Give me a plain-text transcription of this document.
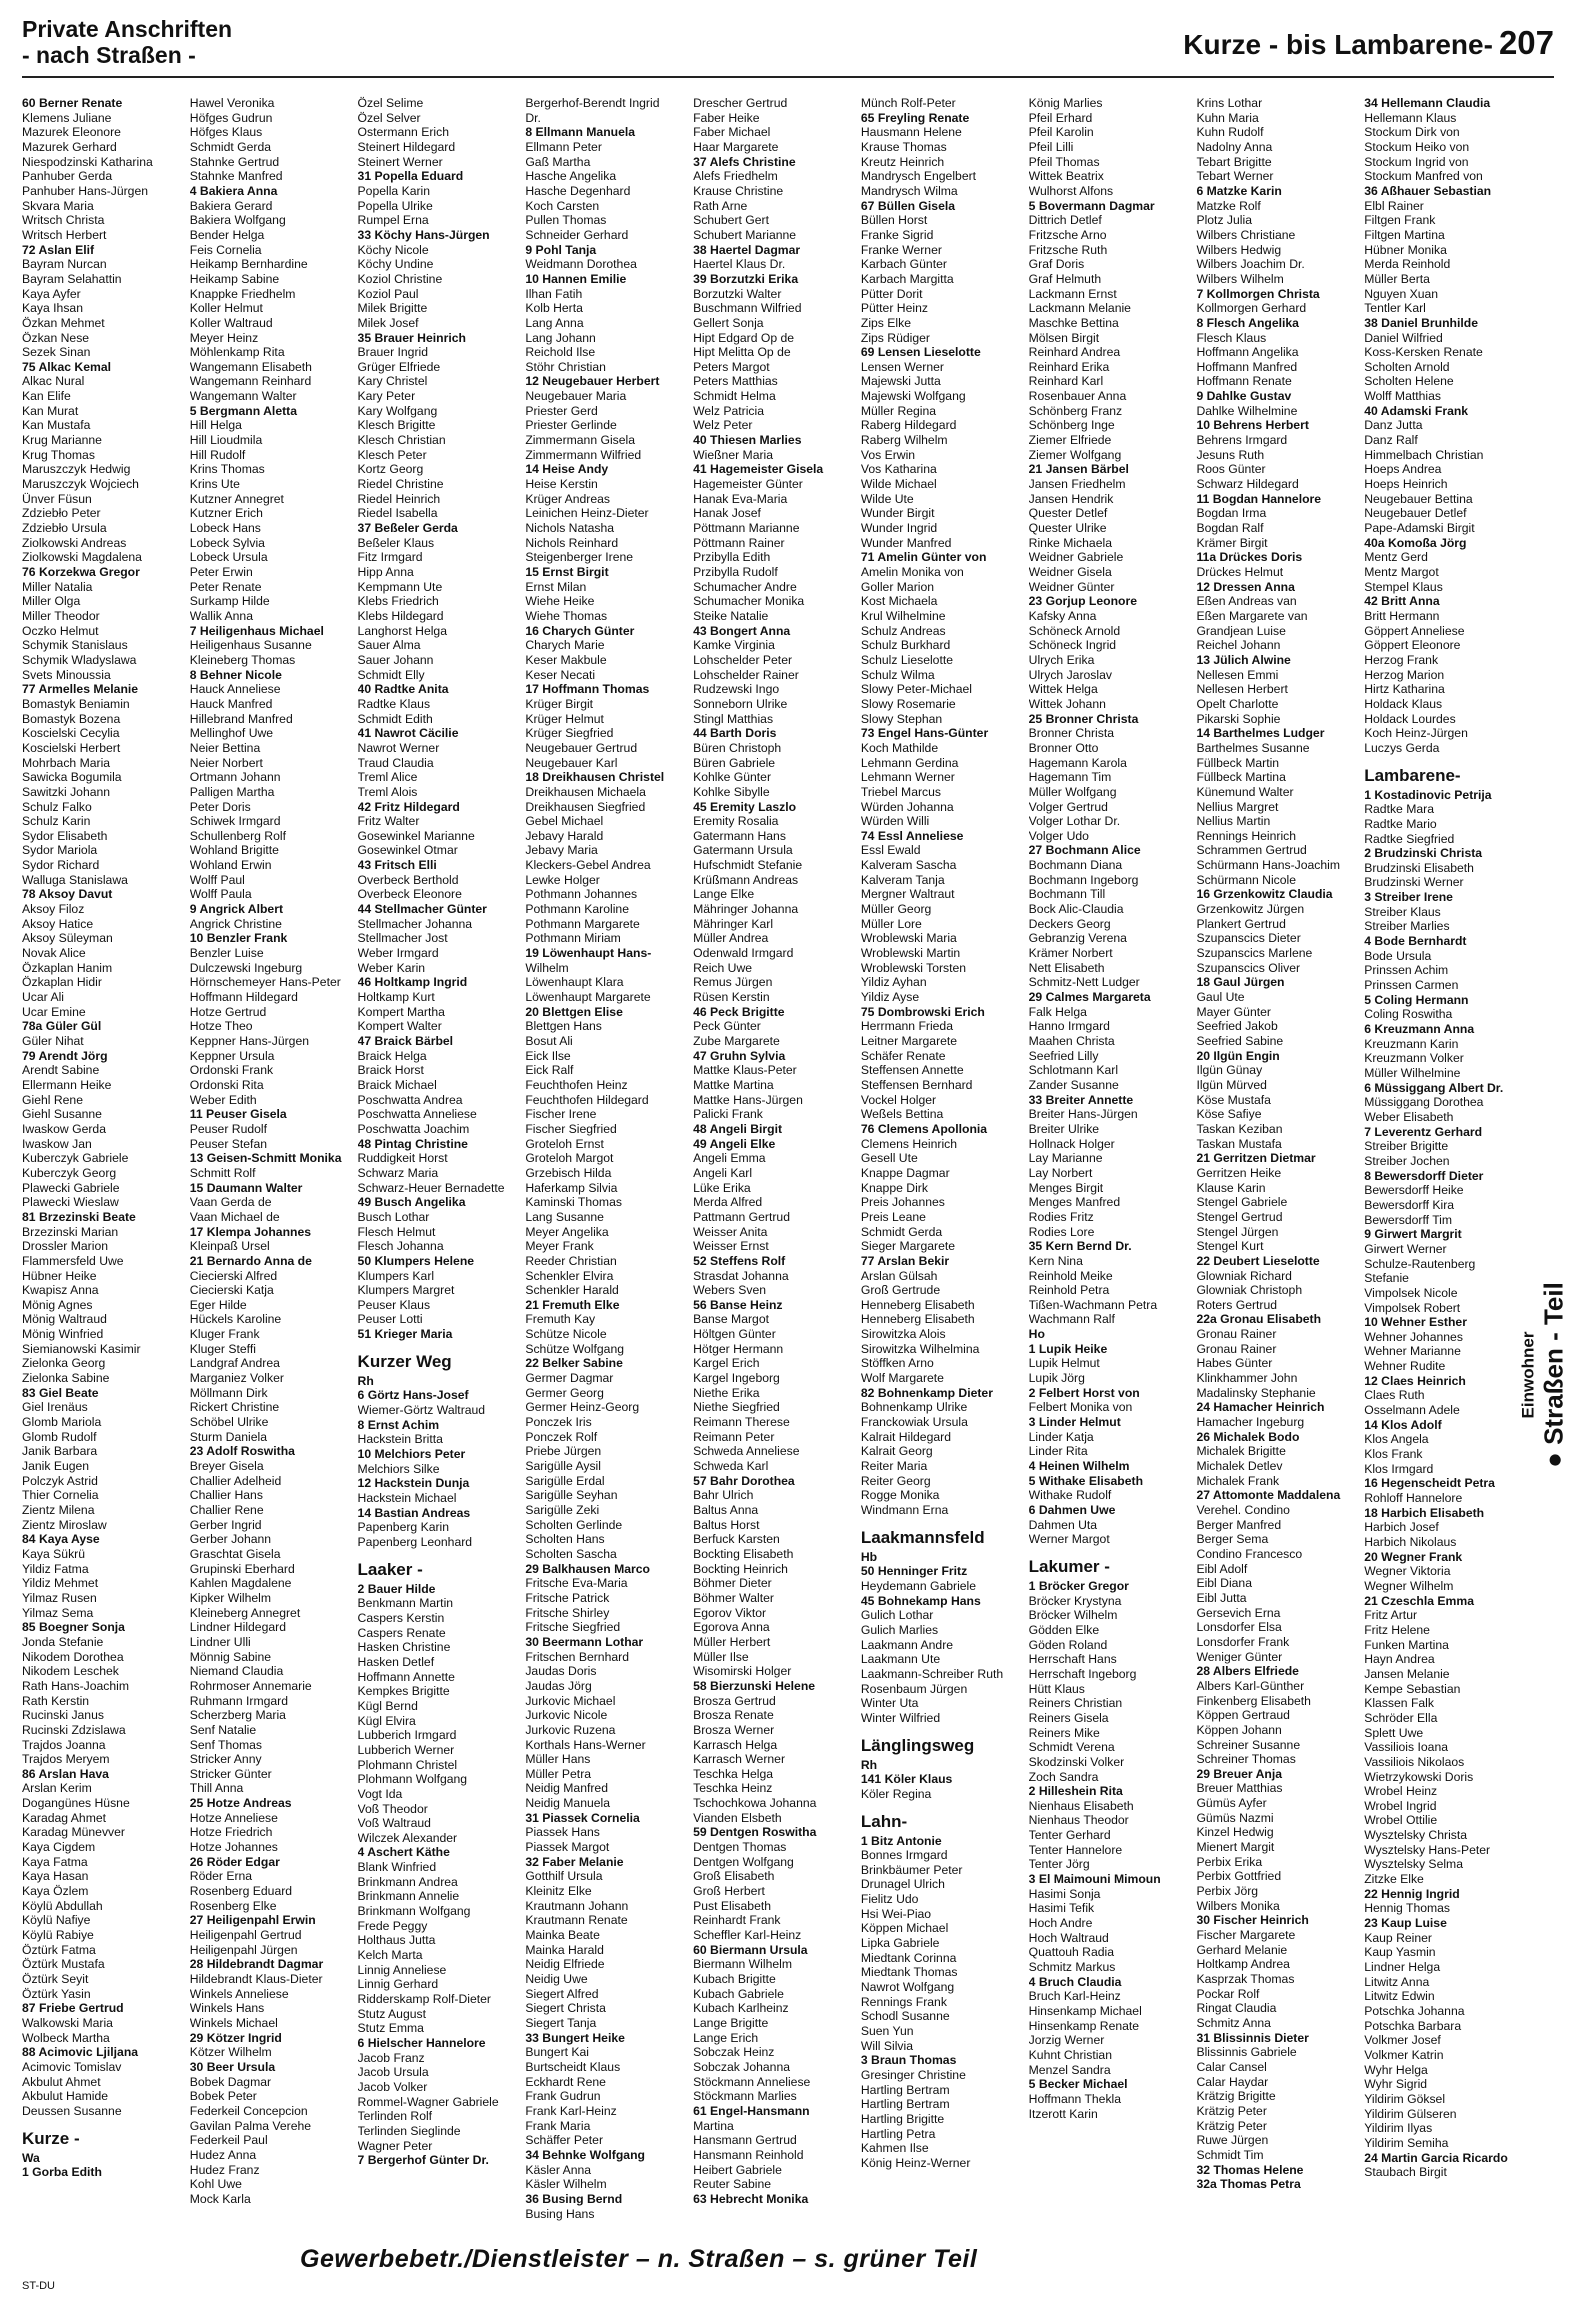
Private Anschriften
- nach Straßen -	Kurze - bis Lambarene- 207
60 Berner Renate
Klemens Juliane
Mazurek Eleonore
Mazurek Gerhard
Niespodzinski Katharina
Panhuber Gerda
Panhuber Hans-Jürgen
Skvara Maria
Writsch Christa
Writsch Herbert
72 Aslan Elif
Bayram Nurcan
Bayram Selahattin
Kaya Ayfer
Kaya Ihsan
Özkan Mehmet
Özkan Nese
Sezek Sinan
75 Alkac Kemal
Alkac Nural
Kan Elife
Kan Murat
Kan Mustafa
Krug Marianne
Krug Thomas
Maruszczyk Hedwig
Maruszczyk Wojciech
Ünver Füsun
Zdziebło Peter
Zdziebło Ursula
Ziolkowski Andreas
Ziolkowski Magdalena
76 Korzekwa Gregor
Miller Natalia
Miller Olga
Miller Theodor
Oczko Helmut
Schymik Stanislaus
Schymik Wladyslawa
Svets Minoussia
77 Armelles Melanie
Bomastyk Beniamin
Bomastyk Bozena
Koscielski Cecylia
Koscielski Herbert
Mohrbach Maria
Sawicka Bogumila
Sawitzki Johann
Schulz Falko
Schulz Karin
Sydor Elisabeth
Sydor Mariola
Sydor Richard
Walluga Stanislawa
78 Aksoy Davut
Aksoy Filoz
Aksoy Hatice
Aksoy Süleyman
Novak Alice
Özkaplan Hanim
Özkaplan Hidir
Ucar Ali
Ucar Emine
78a Güler Gül
Güler Nihat
79 Arendt Jörg
Arendt Sabine
Ellermann Heike
Giehl Rene
Giehl Susanne
Iwaskow Gerda
Iwaskow Jan
Kuberczyk Gabriele
Kuberczyk Georg
Plawecki Gabriele
Plawecki Wieslaw
81 Brzezinski Beate
Brzezinski Marian
Drossler Marion
Flammersfeld Uwe
Hübner Heike
Kwapisz Anna
Mönig Agnes
Mönig Waltraud
Mönig Winfried
Siemianowski Kasimir
Zielonka Georg
Zielonka Sabine
83 Giel Beate
Giel Irenäus
Glomb Mariola
Glomb Rudolf
Janik Barbara
Janik Eugen
Polczyk Astrid
Thier Cornelia
Zientz Milena
Zientz Miroslaw
84 Kaya Ayse
Kaya Sükrü
Yildiz Fatma
Yildiz Mehmet
Yilmaz Rusen
Yilmaz Sema
85 Boegner Sonja
Jonda Stefanie
Nikodem Dorothea
Nikodem Leschek
Rath Hans-Joachim
Rath Kerstin
Rucinski Janus
Rucinski Zdzislawa
Trajdos Joanna
Trajdos Meryem
86 Arslan Hava
Arslan Kerim
Dogangünes Hüsne
Karadag Ahmet
Karadag Münevver
Kaya Cigdem
Kaya Fatma
Kaya Hasan
Kaya Özlem
Köylü Abdullah
Köylü Nafiye
Köylü Rabiye
Öztürk Fatma
Öztürk Mustafa
Öztürk Seyit
Öztürk Yasin
87 Friebe Gertrud
Walkowski Maria
Wolbeck Martha
88 Acimovic Ljiljana
Acimovic Tomislav
Akbulut Ahmet
Akbulut Hamide
Deussen Susanne
Kurze -
Wa
1 Gorba Edith
Hawel Veronika
Höfges Gudrun
Höfges Klaus
Schmidt Gerda
Stahnke Gertrud
Stahnke Manfred
4 Bakiera Anna
Bakiera Gerard
Bakiera Wolfgang
Bender Helga
Feis Cornelia
Heikamp Bernhardine
Heikamp Sabine
Knappke Friedhelm
Koller Helmut
Koller Waltraud
Meyer Heinz
Möhlenkamp Rita
Wangemann Elisabeth
Wangemann Reinhard
Wangemann Walter
5 Bergmann Aletta
Hill Helga
Hill Lioudmila
Hill Rudolf
Krins Thomas
Krins Ute
Kutzner Annegret
Kutzner Erich
Lobeck Hans
Lobeck Sylvia
Lobeck Ursula
Peter Erwin
Peter Renate
Surkamp Hilde
Wallik Anna
7 Heiligenhaus Michael
Heiligenhaus Susanne
Kleineberg Thomas
8 Behner Nicole
Hauck Anneliese
Hauck Manfred
Hillebrand Manfred
Mellinghof Uwe
Neier Bettina
Neier Norbert
Ortmann Johann
Palligen Martha
Peter Doris
Schiwek Irmgard
Schullenberg Rolf
Wohland Brigitte
Wohland Erwin
Wolff Paul
Wolff Paula
9 Angrick Albert
Angrick Christine
10 Benzler Frank
Benzler Luise
Dulczewski Ingeburg
Hörnschemeyer Hans-Peter
Hoffmann Hildegard
Hotze Gertrud
Hotze Theo
Keppner Hans-Jürgen
Keppner Ursula
Ordonski Frank
Ordonski Rita
Weber Edith
11 Peuser Gisela
Peuser Rudolf
Peuser Stefan
13 Geisen-Schmitt Monika
Schmitt Rolf
15 Daumann Walter
Vaan Gerda de
Vaan Michael de
17 Klempa Johannes
Kleinpaß Ursel
21 Bernardo Anna de
Ciecierski Alfred
Ciecierski Katja
Eger Hilde
Hückels Karoline
Kluger Frank
Kluger Steffi
Landgraf Andrea
Marganiez Volker
Möllmann Dirk
Rickert Christine
Schöbel Ulrike
Sturm Daniela
23 Adolf Roswitha
Breyer Gisela
Challier Adelheid
Challier Hans
Challier Rene
Gerber Ingrid
Gerber Johann
Graschtat Gisela
Grupinski Eberhard
Kahlen Magdalene
Kipker Wilhelm
Kleineberg Annegret
Lindner Hildegard
Lindner Ulli
Mönnig Sabine
Niemand Claudia
Rohrmoser Annemarie
Ruhmann Irmgard
Scherzberg Maria
Senf Natalie
Senf Thomas
Stricker Anny
Stricker Günter
Thill Anna
25 Hotze Andreas
Hotze Anneliese
Hotze Friedrich
Hotze Johannes
26 Röder Edgar
Röder Erna
Rosenberg Eduard
Rosenberg Elke
27 Heiligenpahl Erwin
Heiligenpahl Gertrud
Heiligenpahl Jürgen
28 Hildebrandt Dagmar
Hildebrandt Klaus-Dieter
Winkels Anneliese
Winkels Hans
Winkels Michael
29 Kötzer Ingrid
Kötzer Wilhelm
30 Beer Ursula
Bobek Dagmar
Bobek Peter
Federkeil Concepcion
Gavilan Palma Verehe
Federkeil Paul
Hudez Anna
Hudez Franz
Kohl Uwe
Mock Karla
Özel Selime
Özel Selver
Ostermann Erich
Steinert Hildegard
Steinert Werner
31 Popella Eduard
Popella Karin
Popella Ulrike
Rumpel Erna
33 Köchy Hans-Jürgen
Köchy Nicole
Köchy Undine
Koziol Christine
Koziol Paul
Milek Brigitte
Milek Josef
35 Brauer Heinrich
Brauer Ingrid
Grüger Elfriede
Kary Christel
Kary Peter
Kary Wolfgang
Klesch Brigitte
Klesch Christian
Klesch Peter
Kortz Georg
Riedel Christine
Riedel Heinrich
Riedel Isabella
37 Beßeler Gerda
Beßeler Klaus
Fitz Irmgard
Hipp Anna
Kempmann Ute
Klebs Friedrich
Klebs Hildegard
Langhorst Helga
Sauer Alma
Sauer Johann
Schmidt Elly
40 Radtke Anita
Radtke Klaus
Schmidt Edith
41 Nawrot Cäcilie
Nawrot Werner
Traud Claudia
Treml Alice
Treml Alois
42 Fritz Hildegard
Fritz Walter
Gosewinkel Marianne
Gosewinkel Otmar
43 Fritsch Elli
Overbeck Berthold
Overbeck Eleonore
44 Stellmacher Günter
Stellmacher Johanna
Stellmacher Jost
Weber Irmgard
Weber Karin
46 Holtkamp Ingrid
Holtkamp Kurt
Kompert Martha
Kompert Walter
47 Braick Bärbel
Braick Helga
Braick Horst
Braick Michael
Poschwatta Andrea
Poschwatta Anneliese
Poschwatta Joachim
48 Pintag Christine
Ruddigkeit Horst
Schwarz Maria
Schwarz-Heuer Bernadette
49 Busch Angelika
Busch Lothar
Flesch Helmut
Flesch Johanna
50 Klumpers Helene
Klumpers Karl
Klumpers Margret
Peuser Klaus
Peuser Lotti
51 Krieger Maria
Kurzer Weg
Rh
6 Görtz Hans-Josef
Wiemer-Görtz Waltraud
8 Ernst Achim
Hackstein Britta
10 Melchiors Peter
Melchiors Silke
12 Hackstein Dunja
Hackstein Michael
14 Bastian Andreas
Papenberg Karin
Papenberg Leonhard
Laaker -
2 Bauer Hilde
Benkmann Martin
Caspers Kerstin
Caspers Renate
Hasken Christine
Hasken Detlef
Hoffmann Annette
Kempkes Brigitte
Kügl Bernd
Kügl Elvira
Lubberich Irmgard
Lubberich Werner
Plohmann Christel
Plohmann Wolfgang
Vogt Ida
Voß Theodor
Voß Waltraud
Wilczek Alexander
4 Aschert Käthe
Blank Winfried
Brinkmann Andrea
Brinkmann Annelie
Brinkmann Wolfgang
Frede Peggy
Holthaus Jutta
Kelch Marta
Linnig Anneliese
Linnig Gerhard
Ridderskamp Rolf-Dieter
Stutz August
Stutz Emma
6 Hielscher Hannelore
Jacob Franz
Jacob Ursula
Jacob Volker
Rommel-Wagner Gabriele
Terlinden Rolf
Terlinden Sieglinde
Wagner Peter
7 Bergerhof Günter Dr.
Bergerhof-Berendt Ingrid
Dr.
8 Ellmann Manuela
Ellmann Peter
Gaß Martha
Hasche Angelika
Hasche Degenhard
Koch Carsten
Pullen Thomas
Schneider Gerhard
9 Pohl Tanja
Weidmann Dorothea
10 Hannen Emilie
Ilhan Fatih
Kolb Herta
Lang Anna
Lang Johann
Reichold Ilse
Stöhr Christian
12 Neugebauer Herbert
Neugebauer Maria
Priester Gerd
Priester Gerlinde
Zimmermann Gisela
Zimmermann Wilfried
14 Heise Andy
Heise Kerstin
Krüger Andreas
Leinichen Heinz-Dieter
Nichols Natasha
Nichols Reinhard
Steigenberger Irene
15 Ernst Birgit
Ernst Milan
Wiehe Heike
Wiehe Thomas
16 Charych Günter
Charych Marie
Keser Makbule
Keser Necati
17 Hoffmann Thomas
Krüger Birgit
Krüger Helmut
Krüger Siegfried
Neugebauer Gertrud
Neugebauer Karl
18 Dreikhausen Christel
Dreikhausen Michaela
Dreikhausen Siegfried
Gebel Michael
Jebavy Harald
Jebavy Maria
Kleckers-Gebel Andrea
Lewke Holger
Pothmann Johannes
Pothmann Karoline
Pothmann Margarete
Pothmann Miriam
19 Löwenhaupt Hans-
Wilhelm
Löwenhaupt Klara
Löwenhaupt Margarete
20 Blettgen Elise
Blettgen Hans
Bosut Ali
Eick Ilse
Eick Ralf
Feuchthofen Heinz
Feuchthofen Hildegard
Fischer Irene
Fischer Siegfried
Groteloh Ernst
Groteloh Margot
Grzebisch Hilda
Haferkamp Silvia
Kaminski Thomas
Lang Susanne
Meyer Angelika
Meyer Frank
Reeder Christian
Schenkler Elvira
Schenkler Harald
21 Fremuth Elke
Fremuth Kay
Schütze Nicole
Schütze Wolfgang
22 Belker Sabine
Germer Dagmar
Germer Georg
Germer Heinz-Georg
Ponczek Iris
Ponczek Rolf
Priebe Jürgen
Sarigülle Aysil
Sarigülle Erdal
Sarigülle Seyhan
Sarigülle Zeki
Scholten Gerlinde
Scholten Hans
Scholten Sascha
29 Balkhausen Marco
Fritsche Eva-Maria
Fritsche Patrick
Fritsche Shirley
Fritsche Siegfried
30 Beermann Lothar
Fritschen Bernhard
Jaudas Doris
Jaudas Jörg
Jurkovic Michael
Jurkovic Nicole
Jurkovic Ruzena
Korthals Hans-Werner
Müller Hans
Müller Petra
Neidig Manfred
Neidig Manuela
31 Piassek Cornelia
Piassek Hans
Piassek Margot
32 Faber Melanie
Gotthilf Ursula
Kleinitz Elke
Krautmann Johann
Krautmann Renate
Mainka Beate
Mainka Harald
Neidig Elfriede
Neidig Uwe
Siegert Alfred
Siegert Christa
Siegert Tanja
33 Bungert Heike
Bungert Kai
Burtscheidt Klaus
Eckhardt Rene
Frank Gudrun
Frank Karl-Heinz
Frank Maria
Schäffer Peter
34 Behnke Wolfgang
Käsler Anna
Käsler Wilhelm
36 Busing Bernd
Busing Hans
Drescher Gertrud
Faber Heike
Faber Michael
Haar Margarete
37 Alefs Christine
Alefs Friedhelm
Krause Christine
Rath Arne
Schubert Gert
Schubert Marianne
38 Haertel Dagmar
Haertel Klaus Dr.
39 Borzutzki Erika
Borzutzki Walter
Buschmann Wilfried
Gellert Sonja
Hipt Edgard Op de
Hipt Melitta Op de
Peters Margot
Peters Matthias
Schmidt Helma
Welz Patricia
Welz Peter
40 Thiesen Marlies
Wießner Maria
41 Hagemeister Gisela
Hagemeister Günter
Hanak Eva-Maria
Hanak Josef
Pöttmann Marianne
Pöttmann Rainer
Przibylla Edith
Przibylla Rudolf
Schumacher Andre
Schumacher Monika
Steike Natalie
43 Bongert Anna
Kamke Virginia
Lohschelder Peter
Lohschelder Rainer
Rudzewski Ingo
Sonneborn Ulrike
Stingl Matthias
44 Barth Doris
Büren Christoph
Büren Gabriele
Kohlke Günter
Kohlke Sibylle
45 Eremity Laszlo
Eremity Rosalia
Gatermann Hans
Gatermann Ursula
Hufschmidt Stefanie
Krüßmann Andreas
Lange Elke
Mähringer Johanna
Mähringer Karl
Müller Andrea
Odenwald Irmgard
Reich Uwe
Remus Jürgen
Rüsen Kerstin
46 Peck Brigitte
Peck Günter
Zube Margarete
47 Gruhn Sylvia
Mattke Klaus-Peter
Mattke Martina
Mattke Hans-Jürgen
Palicki Frank
48 Angeli Birgit
49 Angeli Elke
Angeli Emma
Angeli Karl
Lüke Erika
Merda Alfred
Pattmann Gertrud
Weisser Anita
Weisser Ernst
52 Steffens Rolf
Strasdat Johanna
Webers Sven
56 Banse Heinz
Banse Margot
Höltgen Günter
Hötger Hermann
Kargel Erich
Kargel Ingeborg
Niethe Erika
Niethe Siegfried
Reimann Therese
Reimann Peter
Schweda Anneliese
Schweda Karl
57 Bahr Dorothea
Bahr Ulrich
Baltus Anna
Baltus Horst
Berfuck Karsten
Bockting Elisabeth
Bockting Heinrich
Böhmer Dieter
Böhmer Walter
Egorov Viktor
Egorova Anna
Müller Herbert
Müller Ilse
Wisomirski Holger
58 Bierzunski Helene
Brosza Gertrud
Brosza Renate
Brosza Werner
Karrasch Helga
Karrasch Werner
Teschka Helga
Teschka Heinz
Tschochkowa Johanna
Vianden Elsbeth
59 Dentgen Roswitha
Dentgen Thomas
Dentgen Wolfgang
Groß Elisabeth
Groß Herbert
Pust Elisabeth
Reinhardt Frank
Scheffler Karl-Heinz
60 Biermann Ursula
Biermann Wilhelm
Kubach Brigitte
Kubach Gabriele
Kubach Karlheinz
Lange Brigitte
Lange Erich
Sobczak Heinz
Sobczak Johanna
Stöckmann Anneliese
Stöckmann Marlies
61 Engel-Hansmann
Martina
Hansmann Gertrud
Hansmann Reinhold
Heibert Gabriele
Reuter Sabine
63 Hebrecht Monika
Münch Rolf-Peter
65 Freyling Renate
Hausmann Helene
Krause Thomas
Kreutz Heinrich
Mandrysch Engelbert
Mandrysch Wilma
67 Büllen Gisela
Büllen Horst
Franke Sigrid
Franke Werner
Karbach Günter
Karbach Margitta
Pütter Dorit
Pütter Heinz
Zips Elke
Zips Rüdiger
69 Lensen Lieselotte
Lensen Werner
Majewski Jutta
Majewski Wolfgang
Müller Regina
Raberg Hildegard
Raberg Wilhelm
Vos Erwin
Vos Katharina
Wilde Michael
Wilde Ute
Wunder Birgit
Wunder Ingrid
Wunder Manfred
71 Amelin Günter von
Amelin Monika von
Goller Marion
Kost Michaela
Krul Wilhelmine
Schulz Andreas
Schulz Burkhard
Schulz Lieselotte
Schulz Wilma
Slowy Peter-Michael
Slowy Rosemarie
Slowy Stephan
73 Engel Hans-Günter
Koch Mathilde
Lehmann Gerdina
Lehmann Werner
Triebel Marcus
Würden Johanna
Würden Willi
74 Essl Anneliese
Essl Ewald
Kalveram Sascha
Kalveram Tanja
Mergner Waltraut
Müller Georg
Müller Lore
Wroblewski Maria
Wroblewski Martin
Wroblewski Torsten
Yildiz Ayhan
Yildiz Ayse
75 Dombrowski Erich
Herrmann Frieda
Leitner Margarete
Schäfer Renate
Steffensen Annette
Steffensen Bernhard
Vockel Holger
Weßels Bettina
76 Clemens Apollonia
Clemens Heinrich
Gesell Ute
Knappe Dagmar
Knappe Dirk
Preis Johannes
Preis Leane
Schmidt Gerda
Sieger Margarete
77 Arslan Bekir
Arslan Gülsah
Groß Gertrude
Henneberg Elisabeth
Henneberg Elisabeth
Sirowitzka Alois
Sirowitzka Wilhelmina
Stöffken Arno
Wolf Margarete
82 Bohnenkamp Dieter
Bohnenkamp Ulrike
Franckowiak Ursula
Kalrait Hildegard
Kalrait Georg
Reiter Maria
Reiter Georg
Rogge Monika
Windmann Erna
Laakmannsfeld
Hb
50 Henninger Fritz
Heydemann Gabriele
45 Bohnekamp Hans
Gulich Lothar
Gulich Marlies
Laakmann Andre
Laakmann Ute
Laakmann-Schreiber Ruth
Rosenbaum Jürgen
Winter Uta
Winter Wilfried
Länglingsweg
Rh
141 Köler Klaus
Köler Regina
Lahn-
1 Bitz Antonie
Bonnes Irmgard
Brinkbäumer Peter
Drunagel Ulrich
Fielitz Udo
Hsi Wei-Piao
Köppen Michael
Lipka Gabriele
Miedtank Corinna
Miedtank Thomas
Nawrot Wolfgang
Rennings Frank
Schodl Susanne
Suen Yun
Will Silvia
3 Braun Thomas
Gresinger Christine
Hartling Bertram
Hartling Bertram
Hartling Brigitte
Hartling Petra
Kahmen Ilse
König Heinz-Werner
König Marlies
Pfeil Erhard
Pfeil Karolin
Pfeil Lilli
Pfeil Thomas
Wittek Beatrix
Wulhorst Alfons
5 Bovermann Dagmar
Dittrich Detlef
Fritzsche Arno
Fritzsche Ruth
Graf Doris
Graf Helmuth
Lackmann Ernst
Lackmann Melanie
Maschke Bettina
Mölsen Birgit
Reinhard Andrea
Reinhard Erika
Reinhard Karl
Rosenbauer Anna
Schönberg Franz
Schönberg Inge
Ziemer Elfriede
Ziemer Wolfgang
21 Jansen Bärbel
Jansen Friedhelm
Jansen Hendrik
Quester Detlef
Quester Ulrike
Rinke Michaela
Weidner Gabriele
Weidner Gisela
Weidner Günter
23 Gorjup Leonore
Kafsky Anna
Schöneck Arnold
Schöneck Ingrid
Ulrych Erika
Ulrych Jaroslav
Wittek Helga
Wittek Johann
25 Bronner Christa
Bronner Christa
Bronner Otto
Hagemann Karola
Hagemann Tim
Müller Wolfgang
Volger Gertrud
Volger Lothar Dr.
Volger Udo
27 Bochmann Alice
Bochmann Diana
Bochmann Ingeborg
Bochmann Till
Bock Alic-Claudia
Deckers Georg
Gebranzig Verena
Krämer Norbert
Nett Elisabeth
Schmitz-Nett Ludger
29 Calmes Margareta
Falk Helga
Hanno Irmgard
Maahen Christa
Seefried Lilly
Schlotmann Karl
Zander Susanne
33 Breiter Annette
Breiter Hans-Jürgen
Breiter Ulrike
Hollnack Holger
Lay Marianne
Lay Norbert
Menges Birgit
Menges Manfred
Rodies Fritz
Rodies Lore
35 Kern Bernd Dr.
Kern Nina
Reinhold Meike
Reinhold Petra
Tißen-Wachmann Petra
Wachmann Ralf
Ho
1 Lupik Heike
Lupik Helmut
Lupik Jörg
2 Felbert Horst von
Felbert Monika von
3 Linder Helmut
Linder Katja
Linder Rita
4 Heinen Wilhelm
5 Withake Elisabeth
Withake Rudolf
6 Dahmen Uwe
Dahmen Uta
Werner Margot
Lakumer -
1 Bröcker Gregor
Bröcker Krystyna
Bröcker Wilhelm
Gödden Elke
Göden Roland
Herrschaft Hans
Herrschaft Ingeborg
Hütt Klaus
Reiners Christian
Reiners Gisela
Reiners Mike
Schmidt Verena
Skodzinski Volker
Zoch Sandra
2 Hilleshein Rita
Nienhaus Elisabeth
Nienhaus Theodor
Tenter Gerhard
Tenter Hannelore
Tenter Jörg
3 El Maimouni Mimoun
Hasimi Sonja
Hasimi Tefik
Hoch Andre
Hoch Waltraud
Quattouh Radia
Schmitz Markus
4 Bruch Claudia
Bruch Karl-Heinz
Hinsenkamp Michael
Hinsenkamp Renate
Jorzig Werner
Kuhnt Christian
Menzel Sandra
5 Becker Michael
Hoffmann Thekla
Itzerott Karin
Krins Lothar
Kuhn Maria
Kuhn Rudolf
Nadolny Anna
Tebart Brigitte
Tebart Werner
6 Matzke Karin
Matzke Rolf
Plotz Julia
Wilbers Christiane
Wilbers Hedwig
Wilbers Joachim Dr.
Wilbers Wilhelm
7 Kollmorgen Christa
Kollmorgen Gerhard
8 Flesch Angelika
Flesch Klaus
Hoffmann Angelika
Hoffmann Manfred
Hoffmann Renate
9 Dahlke Gustav
Dahlke Wilhelmine
10 Behrens Herbert
Behrens Irmgard
Jesuns Ruth
Roos Günter
Schwarz Hildegard
11 Bogdan Hannelore
Bogdan Irma
Bogdan Ralf
Krämer Birgit
11a Drückes Doris
Drückes Helmut
12 Dressen Anna
Eßen Andreas van
Eßen Margarete van
Grandjean Luise
Reichel Johann
13 Jülich Alwine
Nellesen Emmi
Nellesen Herbert
Opelt Charlotte
Pikarski Sophie
14 Barthelmes Ludger
Barthelmes Susanne
Füllbeck Martin
Füllbeck Martina
Künemund Walter
Nellius Margret
Nellius Martin
Rennings Heinrich
Schrammen Gertrud
Schürmann Hans-Joachim
Schürmann Nicole
16 Grzenkowitz Claudia
Grzenkowitz Jürgen
Plankert Gertrud
Szupanscics Dieter
Szupanscics Marlene
Szupanscics Oliver
18 Gaul Jürgen
Gaul Ute
Mayer Günter
Seefried Jakob
Seefried Sabine
20 Ilgün Engin
Ilgün Günay
Ilgün Mürved
Köse Mustafa
Köse Safiye
Taskan Keziban
Taskan Mustafa
21 Gerritzen Dietmar
Gerritzen Heike
Klause Karin
Stengel Gabriele
Stengel Gertrud
Stengel Jürgen
Stengel Kurt
22 Deubert Lieselotte
Glowniak Richard
Glowniak Christoph
Roters Gertrud
22a Gronau Elisabeth
Gronau Rainer
Gronau Rainer
Habes Günter
Klinkhammer John
Madalinsky Stephanie
24 Hamacher Heinrich
Hamacher Ingeburg
26 Michalek Bodo
Michalek Brigitte
Michalek Detlev
Michalek Frank
27 Attomonte Maddalena
Verehel. Condino
Berger Manfred
Berger Sema
Condino Francesco
Eibl Adolf
Eibl Diana
Eibl Jutta
Gersevich Erna
Lonsdorfer Elsa
Lonsdorfer Frank
Weniger Günter
28 Albers Elfriede
Albers Karl-Günther
Finkenberg Elisabeth
Köppen Gertraud
Köppen Johann
Schreiner Susanne
Schreiner Thomas
29 Breuer Anja
Breuer Matthias
Gümüs Ayfer
Gümüs Nazmi
Kinzel Hedwig
Mienert Margit
Perbix Erika
Perbix Gottfried
Perbix Jörg
Wilbers Monika
30 Fischer Heinrich
Fischer Margarete
Gerhard Melanie
Holtkamp Andrea
Kasprzak Thomas
Pockar Rolf
Ringat Claudia
Schmitz Anna
31 Blissinnis Dieter
Blissinnis Gabriele
Calar Cansel
Calar Haydar
Krätzig Brigitte
Krätzig Peter
Krätzig Peter
Ruwe Jürgen
Schmidt Tim
32 Thomas Helene
32a Thomas Petra
34 Hellemann Claudia
Hellemann Klaus
Stockum Dirk von
Stockum Heiko von
Stockum Ingrid von
Stockum Manfred von
36 Aßhauer Sebastian
Elbl Rainer
Filtgen Frank
Filtgen Martina
Hübner Monika
Merda Reinhold
Müller Berta
Nguyen Xuan
Tentler Karl
38 Daniel Brunhilde
Daniel Wilfried
Koss-Kersken Renate
Scholten Arnold
Scholten Helene
Wolff Matthias
40 Adamski Frank
Danz Jutta
Danz Ralf
Himmelbach Christian
Hoeps Andrea
Hoeps Heinrich
Neugebauer Bettina
Neugebauer Detlef
Pape-Adamski Birgit
40a Komoßa Jörg
Mentz Gerd
Mentz Margot
Stempel Klaus
42 Britt Anna
Britt Hermann
Göppert Anneliese
Göppert Eleonore
Herzog Frank
Herzog Marion
Hirtz Katharina
Holdack Klaus
Holdack Lourdes
Koch Heinz-Jürgen
Luczys Gerda
Lambarene-
1 Kostadinovic Petrija
Radtke Mara
Radtke Mario
Radtke Siegfried
2 Brudzinski Christa
Brudzinski Elisabeth
Brudzinski Werner
3 Streiber Irene
Streiber Klaus
Streiber Marlies
4 Bode Bernhardt
Bode Ursula
Prinssen Achim
Prinssen Carmen
5 Coling Hermann
Coling Roswitha
6 Kreuzmann Anna
Kreuzmann Karin
Kreuzmann Volker
Müller Wilhelmine
6 Müssiggang Albert Dr.
Müssiggang Dorothea
Weber Elisabeth
7 Leverentz Gerhard
Streiber Brigitte
Streiber Jochen
8 Bewersdorff Dieter
Bewersdorff Heike
Bewersdorff Kira
Bewersdorff Tim
9 Girwert Margrit
Girwert Werner
Schulze-Rautenberg
Stefanie
Vimpolsek Nicole
Vimpolsek Robert
10 Wehner Esther
Wehner Johannes
Wehner Marianne
Wehner Rudite
12 Claes Heinrich
Claes Ruth
Osselmann Adele
14 Klos Adolf
Klos Angela
Klos Frank
Klos Irmgard
16 Hegenscheidt Petra
Rohloff Hannelore
18 Harbich Elisabeth
Harbich Josef
Harbich Nikolaus
20 Wegner Frank
Wegner Viktoria
Wegner Wilhelm
21 Czeschla Emma
Fritz Artur
Fritz Helene
Funken Martina
Hayn Andrea
Jansen Melanie
Kempe Sebastian
Klassen Falk
Schröder Ella
Splett Uwe
Vassiliois Ioana
Vassiliois Nikolaos
Wietrzykowski Doris
Wrobel Heinz
Wrobel Ingrid
Wrobel Ottilie
Wysztelsky Christa
Wysztelsky Hans-Peter
Wysztelsky Selma
Zitzke Elke
22 Hennig Ingrid
Hennig Thomas
23 Kaup Luise
Kaup Reiner
Kaup Yasmin
Lindner Helga
Litwitz Anna
Litwitz Edwin
Potschka Johanna
Potschka Barbara
Volkmer Josef
Volkmer Katrin
Wyhr Helga
Wyhr Sigrid
Yildirim Göksel
Yildirim Gülseren
Yildirim Ilyas
Yildirim Semiha
24 Martin Garcia Ricardo
Staubach Birgit
Einwohner
● Straßen - Teil
Gewerbebetr./Dienstleister – n. Straßen – s. grüner Teil
ST-DU
